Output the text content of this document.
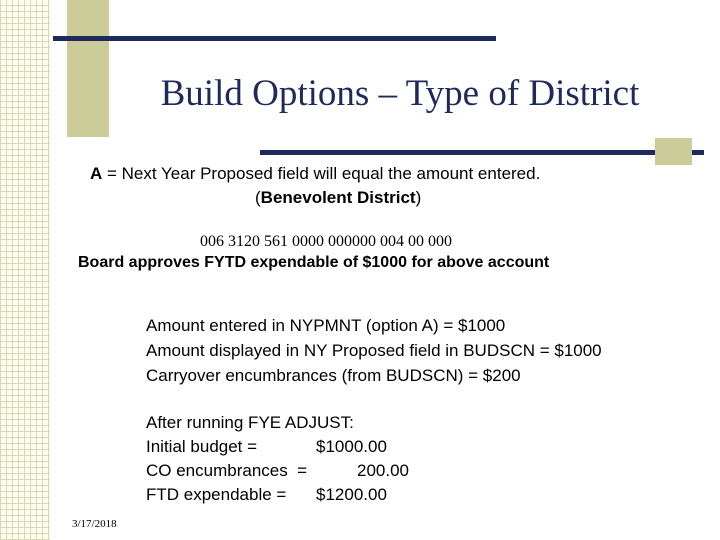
Build Options – Type of District
A = Next Year Proposed field will equal the amount entered.
(Benevolent District)
006 3120 561 0000 000000 004 00 000
Board approves FYTD expendable of $1000 for above account
Amount entered in NYPMNT (option A) = $1000
Amount displayed in NY Proposed field in BUDSCN = $1000
Carryover encumbrances (from BUDSCN) = $200
After running FYE ADJUST:
Initial budget =	$1000.00
CO encumbrances  =	200.00
FTD expendable = $1200.00
3/17/2018
